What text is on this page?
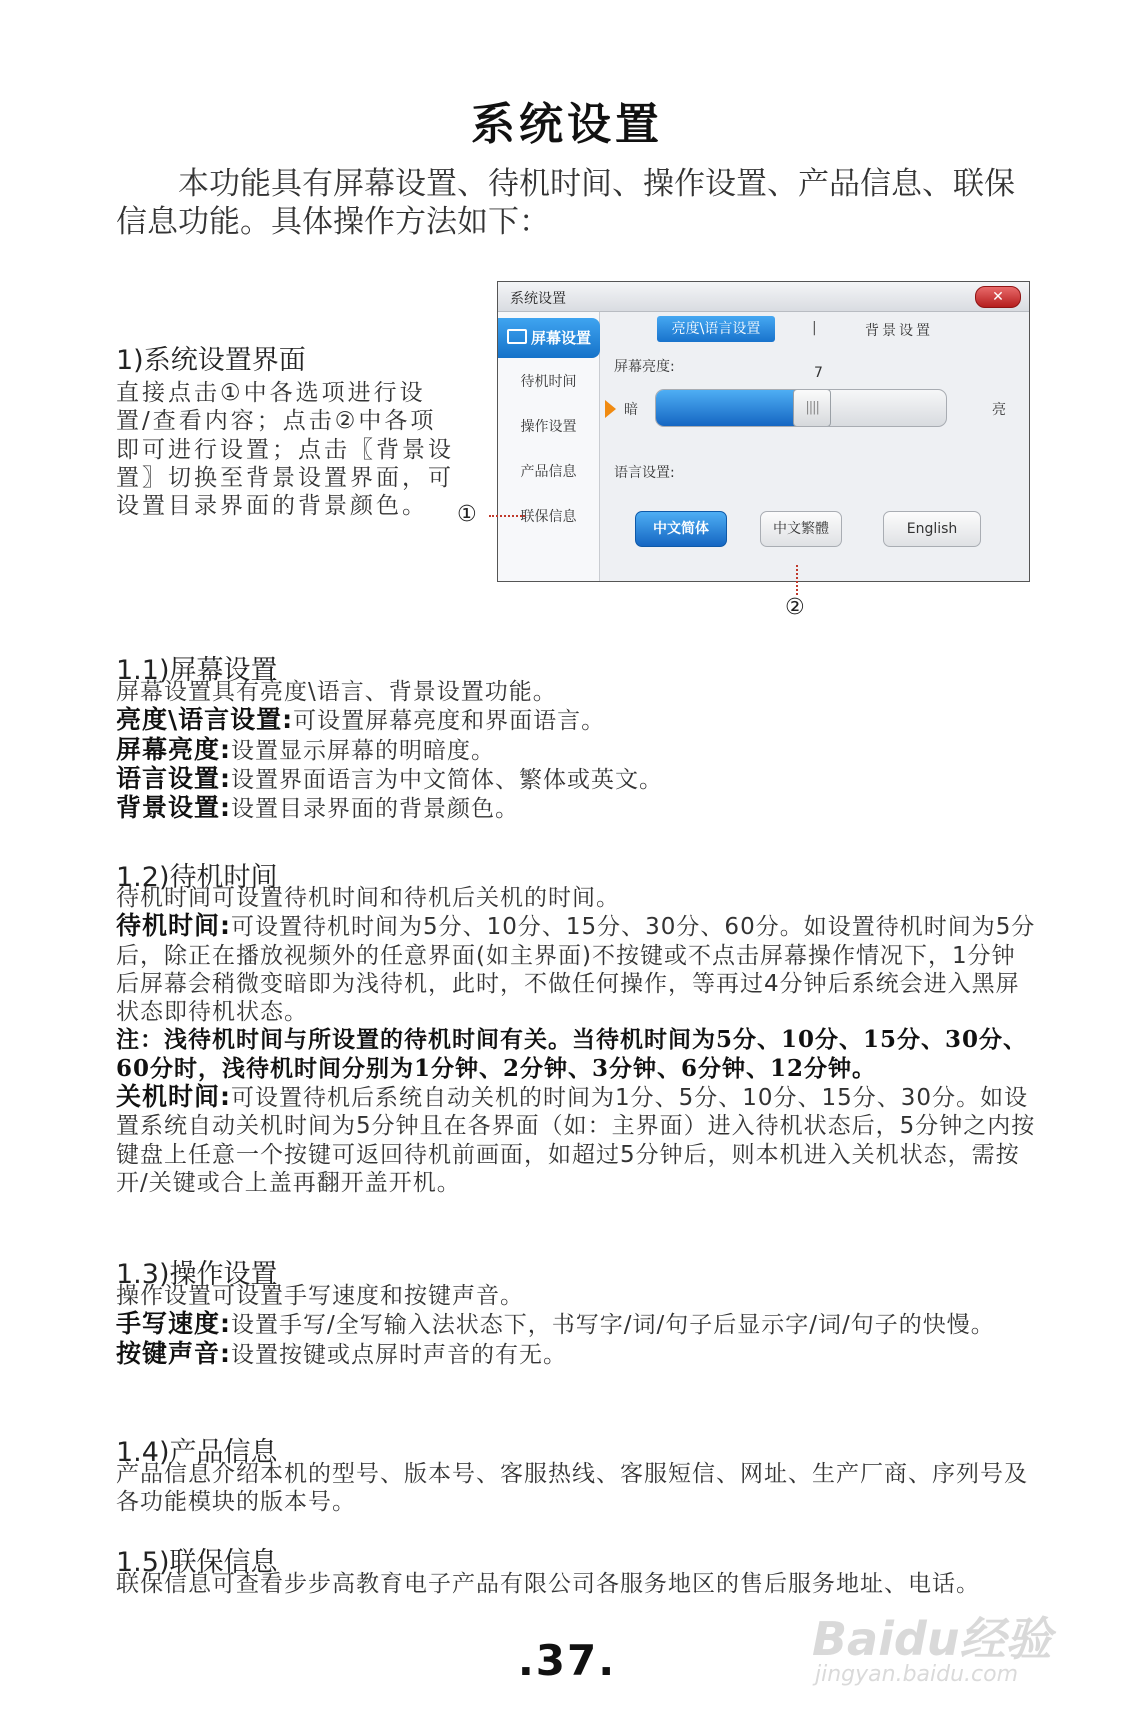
系统设置

本功能具有屏幕设置、待机时间、操作设置、产品信息、联保信息功能。具体操作方法如下：

1)系统设置界面
直接点击①中各选项进行设置/查看内容；点击②中各项即可进行设置；点击〖背景设置〗切换至背景设置界面，可设置目录界面的背景颜色。
系统设置	✕
屏幕设置
待机时间
操作设置
产品信息
联保信息
亮度\语言设置	|	背景设置
屏幕亮度:	7
暗	||||	亮
语言设置:
中文简体	中文繁體	English
①
②
1.1)屏幕设置

屏幕设置具有亮度\语言、背景设置功能。

亮度\语言设置:可设置屏幕亮度和界面语言。

屏幕亮度:设置显示屏幕的明暗度。

语言设置:设置界面语言为中文简体、繁体或英文。

背景设置:设置目录界面的背景颜色。

1.2)待机时间

待机时间可设置待机时间和待机后关机的时间。

待机时间:可设置待机时间为5分、10分、15分、30分、60分。如设置待机时间为5分后，除正在播放视频外的任意界面(如主界面)不按键或不点击屏幕操作情况下，1分钟后屏幕会稍微变暗即为浅待机，此时，不做任何操作，等再过4分钟后系统会进入黑屏状态即待机状态。

注：浅待机时间与所设置的待机时间有关。当待机时间为5分、10分、15分、30分、60分时，浅待机时间分别为1分钟、2分钟、3分钟、6分钟、12分钟。

关机时间:可设置待机后系统自动关机的时间为1分、5分、10分、15分、30分。如设置系统自动关机时间为5分钟且在各界面（如：主界面）进入待机状态后，5分钟之内按键盘上任意一个按键可返回待机前画面，如超过5分钟后，则本机进入关机状态，需按开/关键或合上盖再翻开盖开机。

1.3)操作设置

操作设置可设置手写速度和按键声音。

手写速度:设置手写/全写输入法状态下，书写字/词/句子后显示字/词/句子的快慢。

按键声音:设置按键或点屏时声音的有无。

1.4)产品信息
产品信息介绍本机的型号、版本号、客服热线、客服短信、网址、生产厂商、序列号及各功能模块的版本号。
1.5)联保信息
联保信息可查看步步高教育电子产品有限公司各服务地区的售后服务地址、电话。
.37.	Baidu经验
jingyan.baidu.com
